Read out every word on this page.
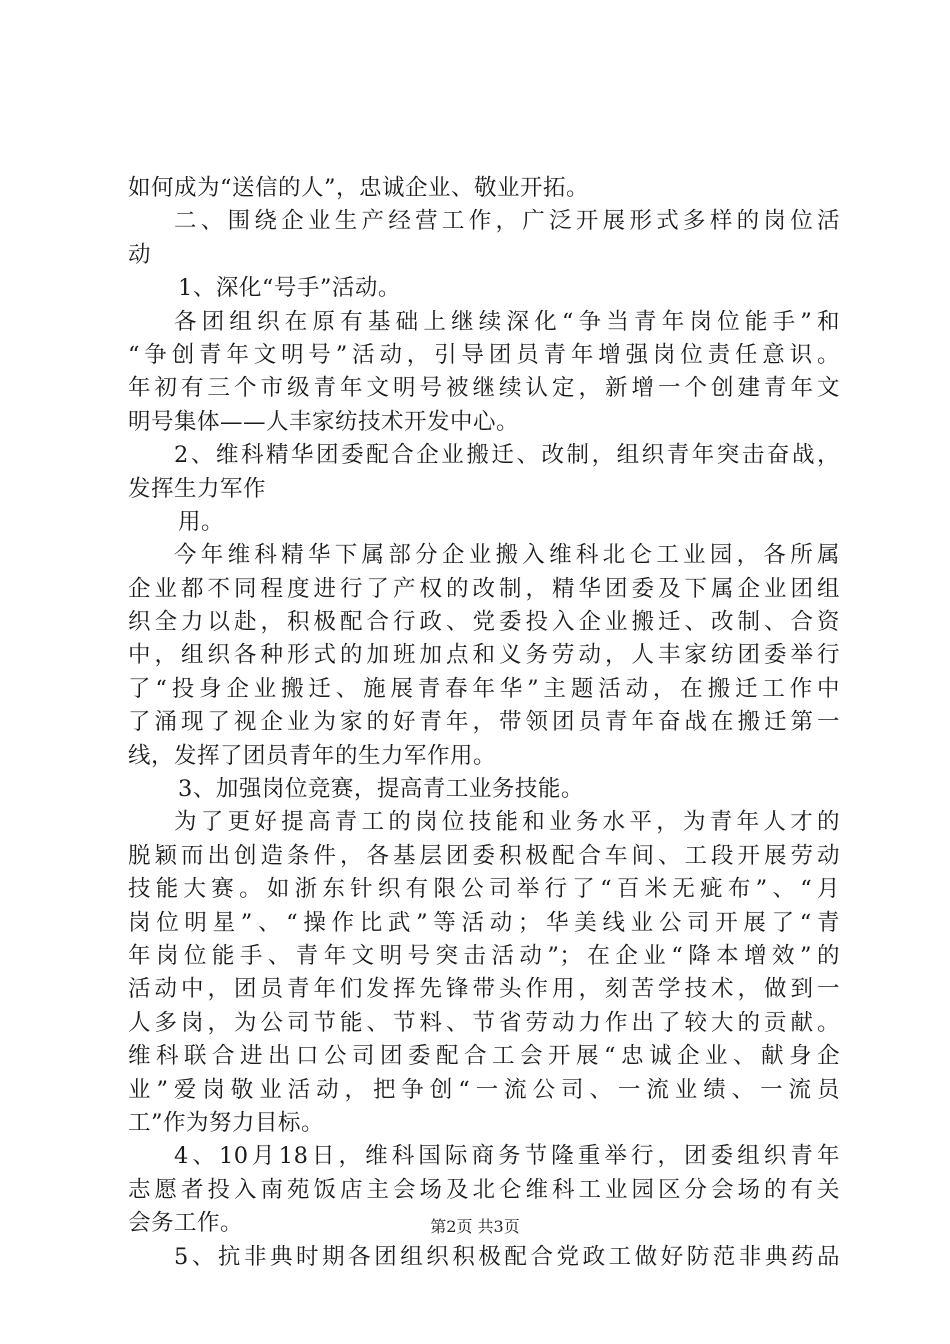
如何成为“送信的人”，忠诚企业、敬业开拓。
二、围绕企业生产经营工作，广泛开展形式多样的岗位活
动
1、深化“号手”活动。
各团组织在原有基础上继续深化“争当青年岗位能手”和
“争创青年文明号”活动，引导团员青年增强岗位责任意识。
年初有三个市级青年文明号被继续认定，新增一个创建青年文
明号集体——人丰家纺技术开发中心。
2、维科精华团委配合企业搬迁、改制，组织青年突击奋战，
发挥生力军作
用。
今年维科精华下属部分企业搬入维科北仑工业园，各所属
企业都不同程度进行了产权的改制，精华团委及下属企业团组
织全力以赴，积极配合行政、党委投入企业搬迁、改制、合资
中，组织各种形式的加班加点和义务劳动，人丰家纺团委举行
了“投身企业搬迁、施展青春年华”主题活动，在搬迁工作中
了涌现了视企业为家的好青年，带领团员青年奋战在搬迁第一
线，发挥了团员青年的生力军作用。
3、加强岗位竞赛，提高青工业务技能。
为了更好提高青工的岗位技能和业务水平，为青年人才的
脱颖而出创造条件，各基层团委积极配合车间、工段开展劳动
技能大赛。如浙东针织有限公司举行了“百米无疵布”、“月
岗位明星”、“操作比武”等活动；华美线业公司开展了“青
年岗位能手、青年文明号突击活动”；在企业“降本增效”的
活动中，团员青年们发挥先锋带头作用，刻苦学技术，做到一
人多岗，为公司节能、节料、节省劳动力作出了较大的贡献。
维科联合进出口公司团委配合工会开展“忠诚企业、献身企
业”爱岗敬业活动，把争创“一流公司、一流业绩、一流员
工”作为努力目标。
4、10月18日，维科国际商务节隆重举行，团委组织青年
志愿者投入南苑饭店主会场及北仑维科工业园区分会场的有关
会务工作。
5、抗非典时期各团组织积极配合党政工做好防范非典药品
第2页 共3页
